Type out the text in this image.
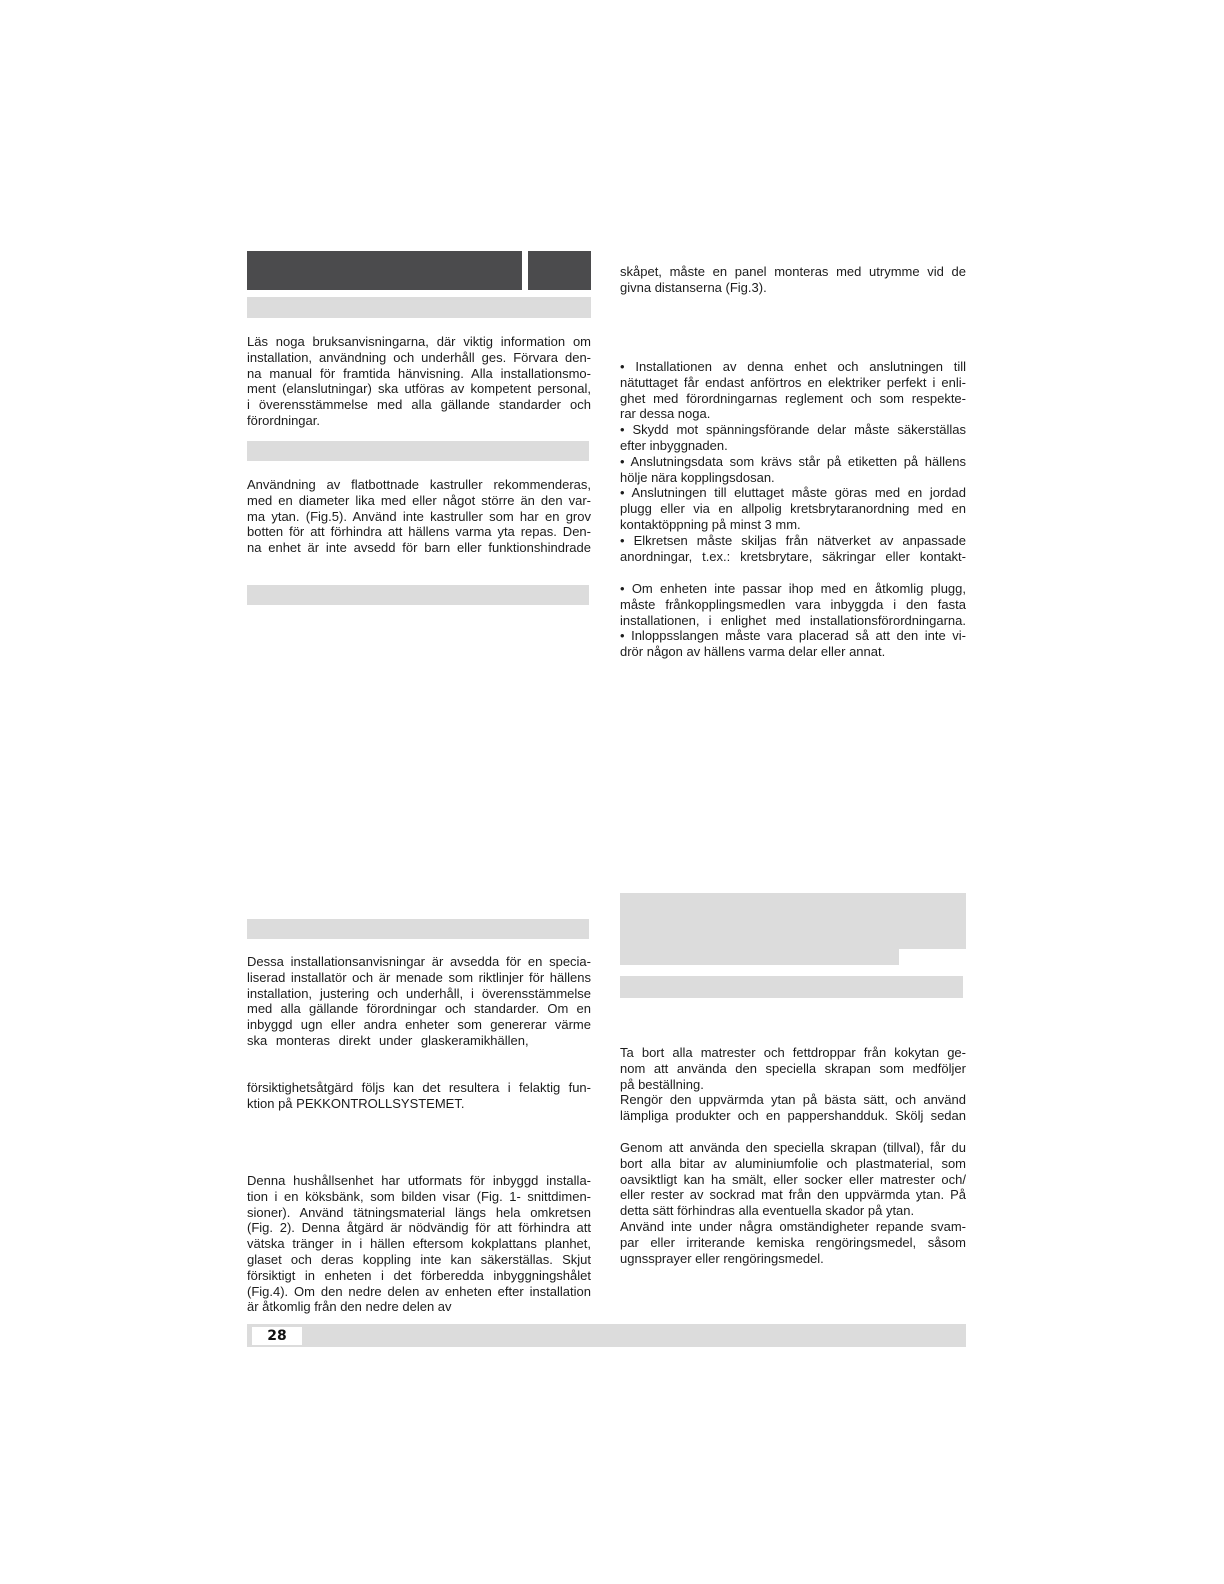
Läs noga bruksanvisningarna, där viktig information om
installation, användning och underhåll ges. Förvara den-
na manual för framtida hänvisning. Alla installationsmo-
ment (elanslutningar) ska utföras av kompetent personal,
i överensstämmelse med alla gällande standarder och
förordningar.
Användning av flatbottnade kastruller rekommenderas,
med en diameter lika med eller något större än den var-
ma ytan. (Fig.5). Använd inte kastruller som har en grov
botten för att förhindra att hällens varma yta repas. Den-
na enhet är inte avsedd för barn eller funktionshindrade
Dessa installationsanvisningar är avsedda för en specia-
liserad installatör och är menade som riktlinjer för hällens
installation, justering och underhåll, i överensstämmelse
med alla gällande förordningar och standarder. Om en
inbyggd ugn eller andra enheter som genererar värme
ska monteras direkt under glaskeramikhällen,
försiktighetsåtgärd följs kan det resultera i felaktig fun-
ktion på PEKKONTROLLSYSTEMET.
Denna hushållsenhet har utformats för inbyggd installa-
tion i en köksbänk, som bilden visar (Fig. 1- snittdimen-
sioner). Använd tätningsmaterial längs hela omkretsen
(Fig. 2). Denna åtgärd är nödvändig för att förhindra att
vätska tränger in i hällen eftersom kokplattans planhet,
glaset och deras koppling inte kan säkerställas. Skjut
försiktigt in enheten i det förberedda inbyggningshålet
(Fig.4). Om den nedre delen av enheten efter installation
är åtkomlig från den nedre delen av
skåpet, måste en panel monteras med utrymme vid de
givna distanserna (Fig.3).
• Installationen av denna enhet och anslutningen till
nätuttaget får endast anförtros en elektriker perfekt i enli-
ghet med förordningarnas reglement och som respekte-
rar dessa noga.
• Skydd mot spänningsförande delar måste säkerställas
efter inbyggnaden.
• Anslutningsdata som krävs står på etiketten på hällens
hölje nära kopplingsdosan.
• Anslutningen till eluttaget måste göras med en jordad
plugg eller via en allpolig kretsbrytaranordning med en
kontaktöppning på minst 3 mm.
• Elkretsen måste skiljas från nätverket av anpassade
anordningar, t.ex.: kretsbrytare, säkringar eller kontakt-
• Om enheten inte passar ihop med en åtkomlig plugg,
måste frånkopplingsmedlen vara inbyggda i den fasta
installationen, i enlighet med installationsförordningarna.
• Inloppsslangen måste vara placerad så att den inte vi-
drör någon av hällens varma delar eller annat.
Ta bort alla matrester och fettdroppar från kokytan ge-
nom att använda den speciella skrapan som medföljer
på beställning.
Rengör den uppvärmda ytan på bästa sätt, och använd
lämpliga produkter och en pappershandduk. Skölj sedan
Genom att använda den speciella skrapan (tillval), får du
bort alla bitar av aluminiumfolie och plastmaterial, som
oavsiktligt kan ha smält, eller socker eller matrester och/
eller rester av sockrad mat från den uppvärmda ytan. På
detta sätt förhindras alla eventuella skador på ytan.
Använd inte under några omständigheter repande svam-
par eller irriterande kemiska rengöringsmedel, såsom
ugnssprayer eller rengöringsmedel.
28
